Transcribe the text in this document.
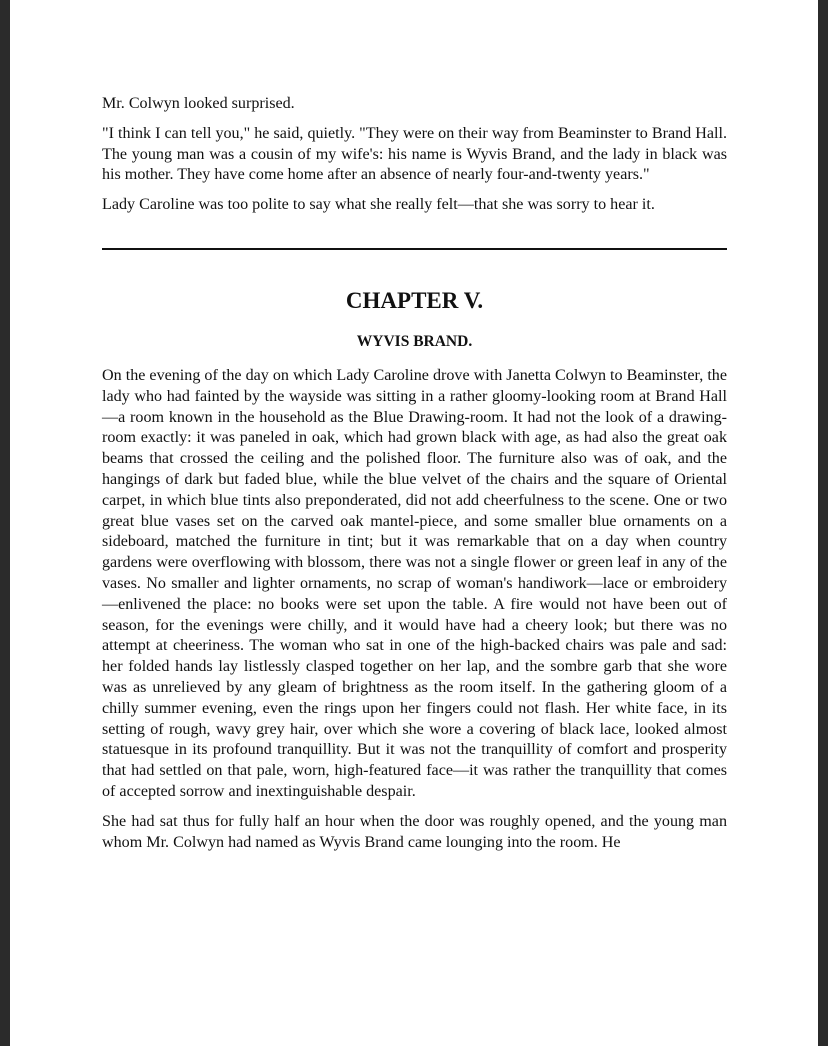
Mr. Colwyn looked surprised.

"I think I can tell you," he said, quietly. "They were on their way from Beaminster to Brand Hall. The young man was a cousin of my wife's: his name is Wyvis Brand, and the lady in black was his mother. They have come home after an absence of nearly four-and-twenty years."

Lady Caroline was too polite to say what she really felt—that she was sorry to hear it.

CHAPTER V.
WYVIS BRAND.

On the evening of the day on which Lady Caroline drove with Janetta Colwyn to Beaminster, the lady who had fainted by the wayside was sitting in a rather gloomy-looking room at Brand Hall—a room known in the household as the Blue Drawing-room. It had not the look of a drawing-room exactly: it was paneled in oak, which had grown black with age, as had also the great oak beams that crossed the ceiling and the polished floor. The furniture also was of oak, and the hangings of dark but faded blue, while the blue velvet of the chairs and the square of Oriental carpet, in which blue tints also preponderated, did not add cheerfulness to the scene. One or two great blue vases set on the carved oak mantel-piece, and some smaller blue ornaments on a sideboard, matched the furniture in tint; but it was remarkable that on a day when country gardens were overflowing with blossom, there was not a single flower or green leaf in any of the vases. No smaller and lighter ornaments, no scrap of woman's handiwork—lace or embroidery—enlivened the place: no books were set upon the table. A fire would not have been out of season, for the evenings were chilly, and it would have had a cheery look; but there was no attempt at cheeriness. The woman who sat in one of the high-backed chairs was pale and sad: her folded hands lay listlessly clasped together on her lap, and the sombre garb that she wore was as unrelieved by any gleam of brightness as the room itself. In the gathering gloom of a chilly summer evening, even the rings upon her fingers could not flash. Her white face, in its setting of rough, wavy grey hair, over which she wore a covering of black lace, looked almost statuesque in its profound tranquillity. But it was not the tranquillity of comfort and prosperity that had settled on that pale, worn, high-featured face—it was rather the tranquillity that comes of accepted sorrow and inextinguishable despair.

She had sat thus for fully half an hour when the door was roughly opened, and the young man whom Mr. Colwyn had named as Wyvis Brand came lounging into the room. He
